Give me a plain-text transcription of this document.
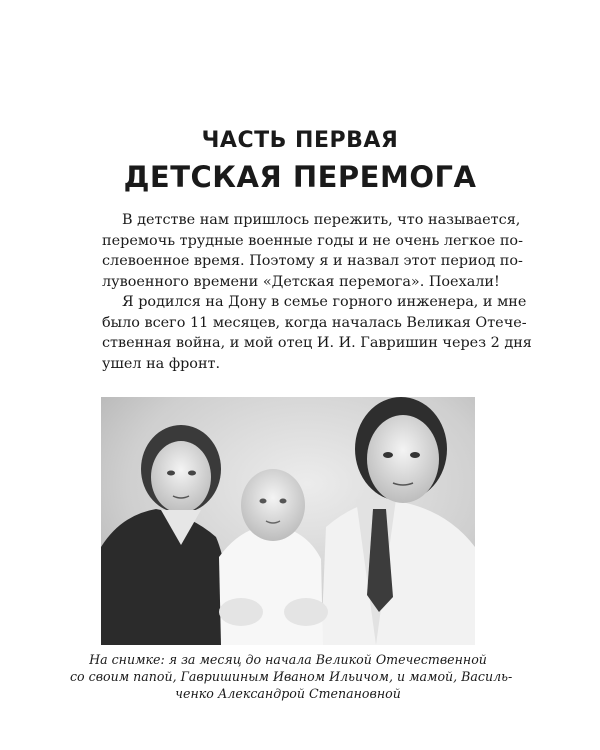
ЧАСТЬ ПЕРВАЯ
ДЕТСКАЯ ПЕРЕМОГА

В детстве нам пришлось пережить, что называется,
перемочь трудные военные годы и не очень легкое по-
слевоенное время. Поэтому я и назвал этот период по-
лувоенного времени «Детская перемога». Поехали!

Я родился на Дону в семье горного инженера, и мне
было всего 11 месяцев, когда началась Великая Отече-
ственная война, и мой отец И. И. Гавришин через 2 дня
ушел на фронт.

На снимке: я за месяц до начала Великой Отечественной
со своим папой, Гавришиным Иваном Ильичом, и мамой, Василь-
ченко Александрой Степановной
